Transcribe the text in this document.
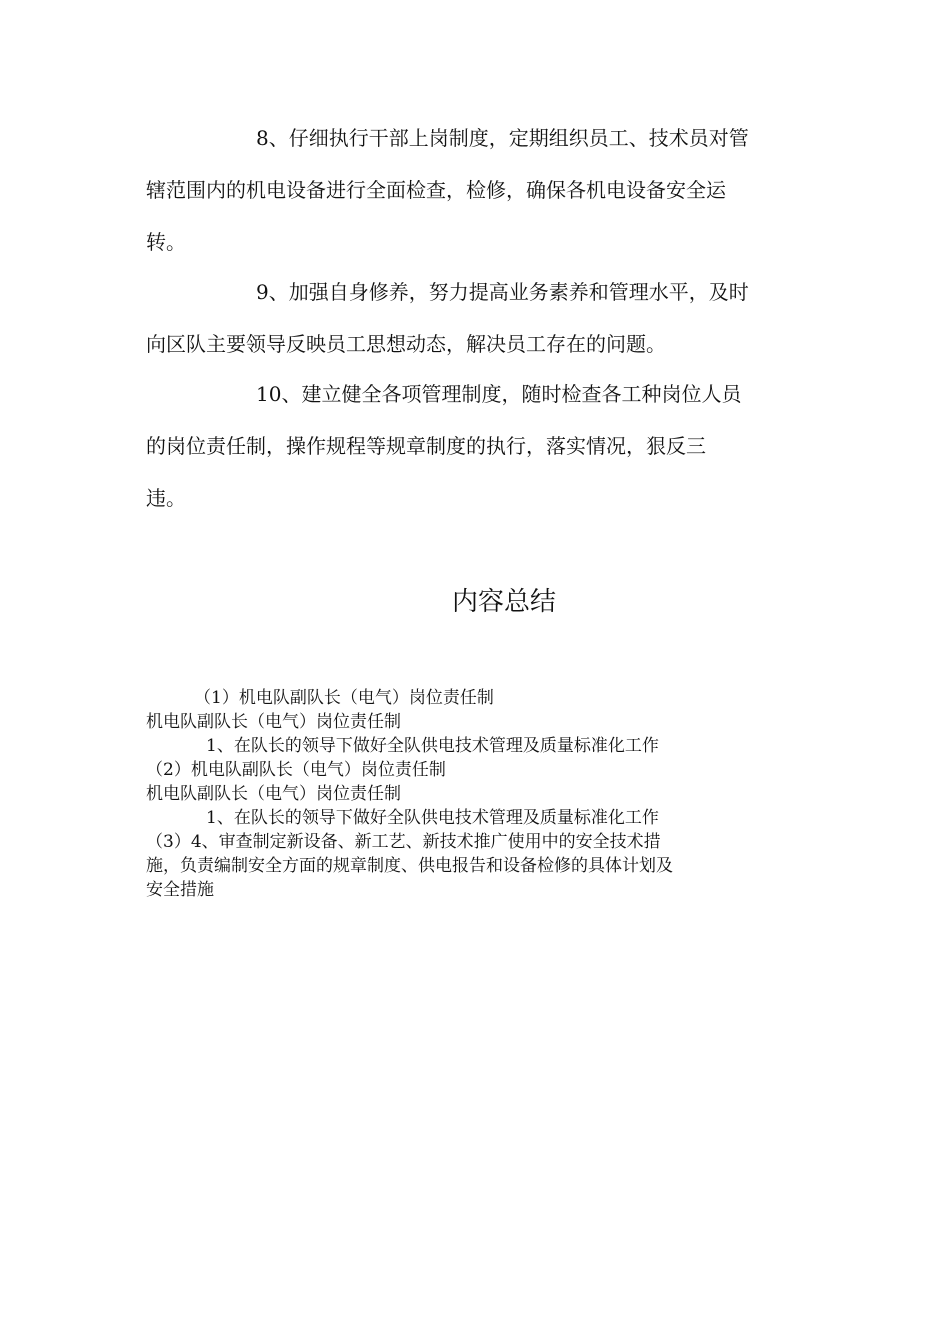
8、仔细执行干部上岗制度，定期组织员工、技术员对管
辖范围内的机电设备进行全面检查，检修，确保各机电设备安全运
转。
9、加强自身修养，努力提高业务素养和管理水平，及时
向区队主要领导反映员工思想动态，解决员工存在的问题。
10、建立健全各项管理制度，随时检查各工种岗位人员
的岗位责任制，操作规程等规章制度的执行，落实情况，狠反三
违。
内容总结
（1）机电队副队长（电气）岗位责任制
机电队副队长（电气）岗位责任制
1、在队长的领导下做好全队供电技术管理及质量标准化工作
（2）机电队副队长（电气）岗位责任制
机电队副队长（电气）岗位责任制
1、在队长的领导下做好全队供电技术管理及质量标准化工作
（3）4、审查制定新设备、新工艺、新技术推广使用中的安全技术措
施，负责编制安全方面的规章制度、供电报告和设备检修的具体计划及
安全措施
